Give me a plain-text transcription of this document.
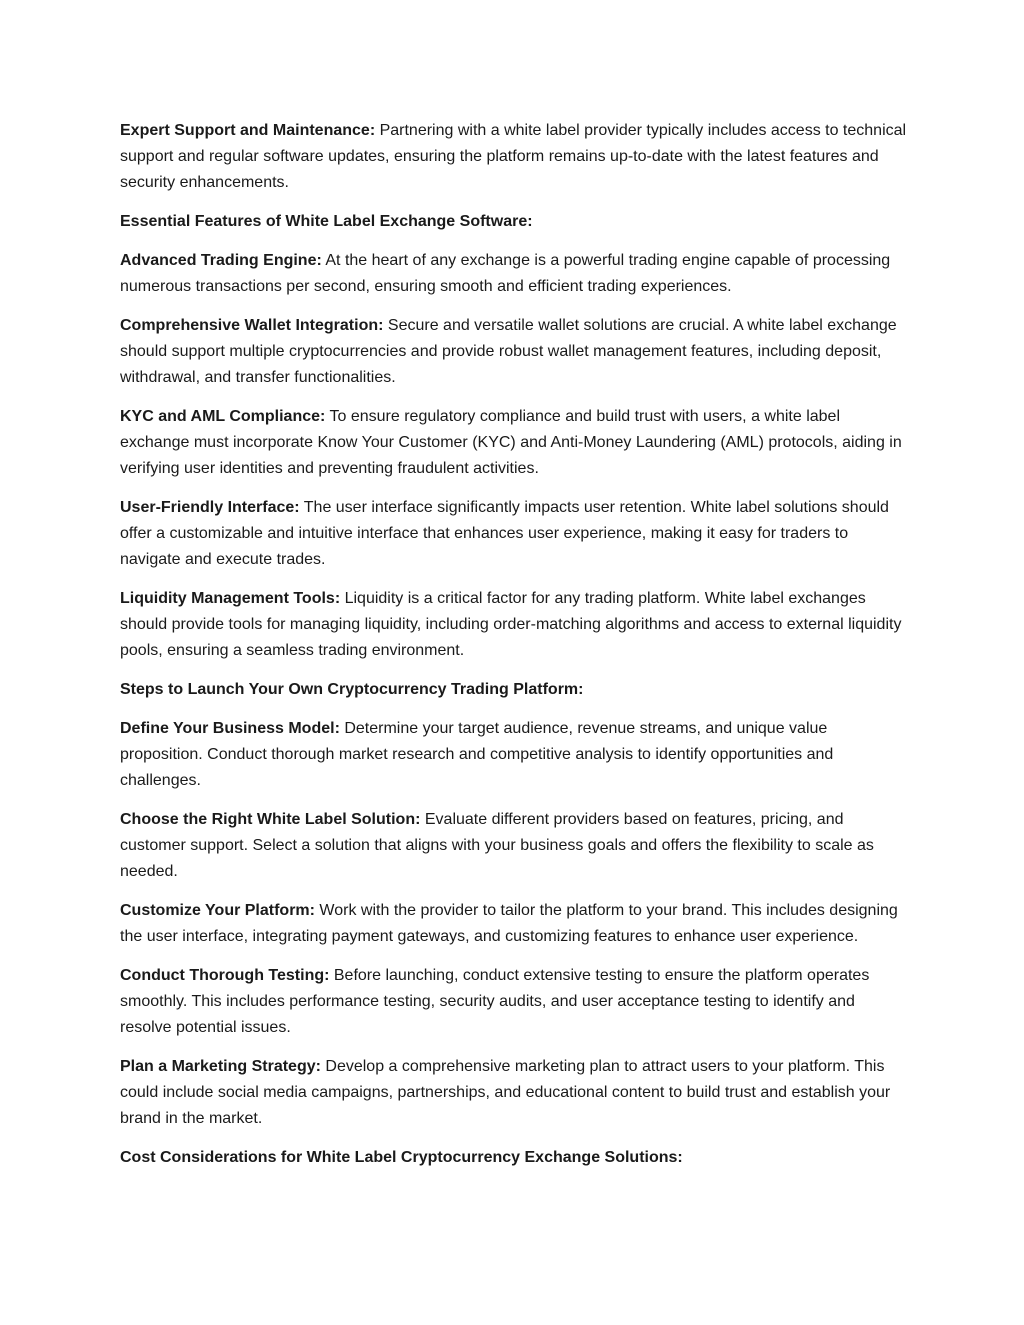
Expert Support and Maintenance: Partnering with a white label provider typically includes access to technical support and regular software updates, ensuring the platform remains up-to-date with the latest features and security enhancements.

Essential Features of White Label Exchange Software:

Advanced Trading Engine: At the heart of any exchange is a powerful trading engine capable of processing numerous transactions per second, ensuring smooth and efficient trading experiences.

Comprehensive Wallet Integration: Secure and versatile wallet solutions are crucial. A white label exchange should support multiple cryptocurrencies and provide robust wallet management features, including deposit, withdrawal, and transfer functionalities.

KYC and AML Compliance: To ensure regulatory compliance and build trust with users, a white label exchange must incorporate Know Your Customer (KYC) and Anti-Money Laundering (AML) protocols, aiding in verifying user identities and preventing fraudulent activities.

User-Friendly Interface: The user interface significantly impacts user retention. White label solutions should offer a customizable and intuitive interface that enhances user experience, making it easy for traders to navigate and execute trades.

Liquidity Management Tools: Liquidity is a critical factor for any trading platform. White label exchanges should provide tools for managing liquidity, including order-matching algorithms and access to external liquidity pools, ensuring a seamless trading environment.

Steps to Launch Your Own Cryptocurrency Trading Platform:

Define Your Business Model: Determine your target audience, revenue streams, and unique value proposition. Conduct thorough market research and competitive analysis to identify opportunities and challenges.

Choose the Right White Label Solution: Evaluate different providers based on features, pricing, and customer support. Select a solution that aligns with your business goals and offers the flexibility to scale as needed.

Customize Your Platform: Work with the provider to tailor the platform to your brand. This includes designing the user interface, integrating payment gateways, and customizing features to enhance user experience.

Conduct Thorough Testing: Before launching, conduct extensive testing to ensure the platform operates smoothly. This includes performance testing, security audits, and user acceptance testing to identify and resolve potential issues.

Plan a Marketing Strategy: Develop a comprehensive marketing plan to attract users to your platform. This could include social media campaigns, partnerships, and educational content to build trust and establish your brand in the market.

Cost Considerations for White Label Cryptocurrency Exchange Solutions:
